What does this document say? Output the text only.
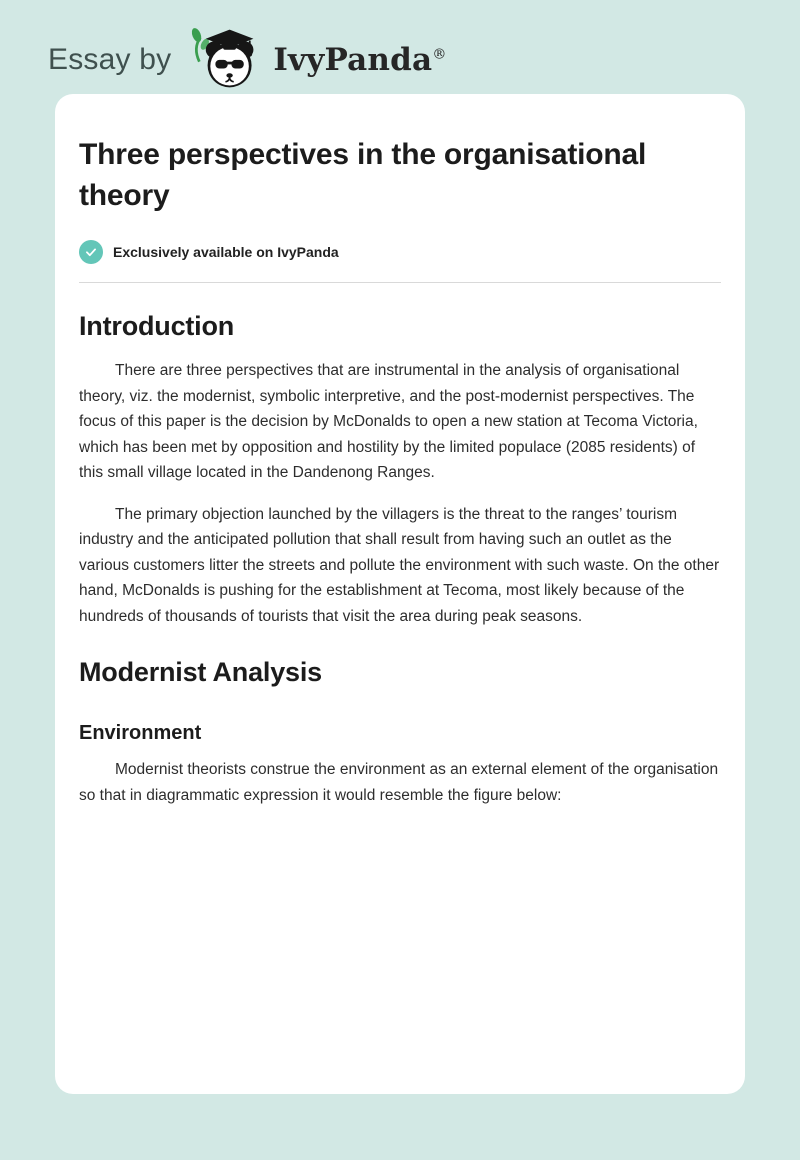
Essay by	IvyPanda®
Three perspectives in the organisational theory
Exclusively available on IvyPanda
Introduction

There are three perspectives that are instrumental in the analysis of organisational theory, viz. the modernist, symbolic interpretive, and the post-modernist perspectives. The focus of this paper is the decision by McDonalds to open a new station at Tecoma Victoria, which has been met by opposition and hostility by the limited populace (2085 residents) of this small village located in the Dandenong Ranges.

The primary objection launched by the villagers is the threat to the ranges’ tourism industry and the anticipated pollution that shall result from having such an outlet as the various customers litter the streets and pollute the environment with such waste. On the other hand, McDonalds is pushing for the establishment at Tecoma, most likely because of the hundreds of thousands of tourists that visit the area during peak seasons.

Modernist Analysis
Environment

Modernist theorists construe the environment as an external element of the organisation so that in diagrammatic expression it would resemble the figure below:
